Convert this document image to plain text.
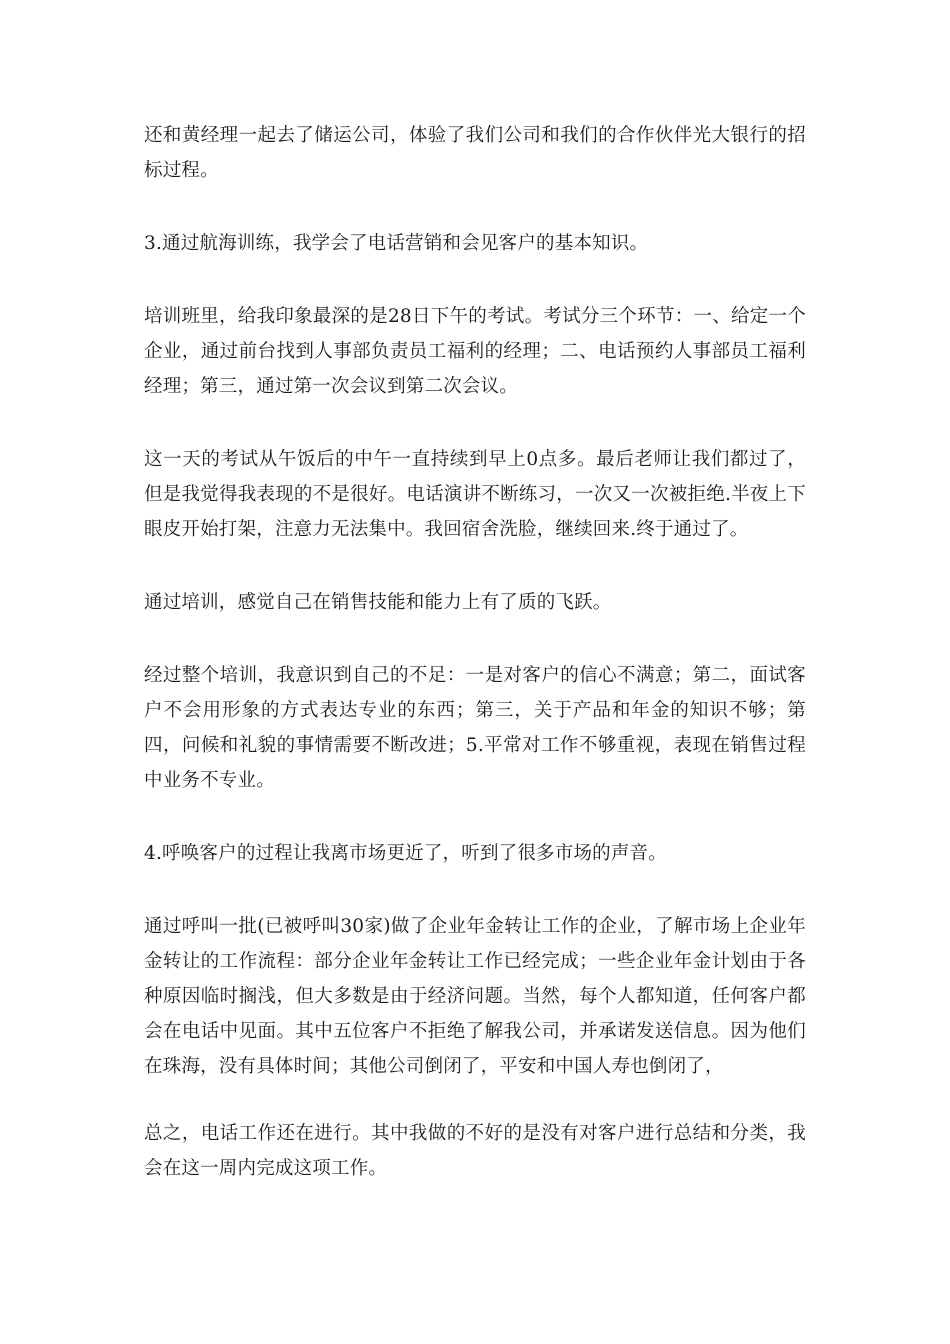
还和黄经理一起去了储运公司，体验了我们公司和我们的合作伙伴光大银行的招标过程。

3.通过航海训练，我学会了电话营销和会见客户的基本知识。

培训班里，给我印象最深的是28日下午的考试。考试分三个环节：一、给定一个企业，通过前台找到人事部负责员工福利的经理；二、电话预约人事部员工福利经理；第三，通过第一次会议到第二次会议。

这一天的考试从午饭后的中午一直持续到早上0点多。最后老师让我们都过了，但是我觉得我表现的不是很好。电话演讲不断练习，一次又一次被拒绝.半夜上下眼皮开始打架，注意力无法集中。我回宿舍洗脸，继续回来.终于通过了。

通过培训，感觉自己在销售技能和能力上有了质的飞跃。

经过整个培训，我意识到自己的不足：一是对客户的信心不满意；第二，面试客户不会用形象的方式表达专业的东西；第三，关于产品和年金的知识不够；第四，问候和礼貌的事情需要不断改进；5.平常对工作不够重视，表现在销售过程中业务不专业。

4.呼唤客户的过程让我离市场更近了，听到了很多市场的声音。

通过呼叫一批(已被呼叫30家)做了企业年金转让工作的企业，了解市场上企业年金转让的工作流程：部分企业年金转让工作已经完成；一些企业年金计划由于各种原因临时搁浅，但大多数是由于经济问题。当然，每个人都知道，任何客户都会在电话中见面。其中五位客户不拒绝了解我公司，并承诺发送信息。因为他们在珠海，没有具体时间；其他公司倒闭了，平安和中国人寿也倒闭了，

总之，电话工作还在进行。其中我做的不好的是没有对客户进行总结和分类，我会在这一周内完成这项工作。
